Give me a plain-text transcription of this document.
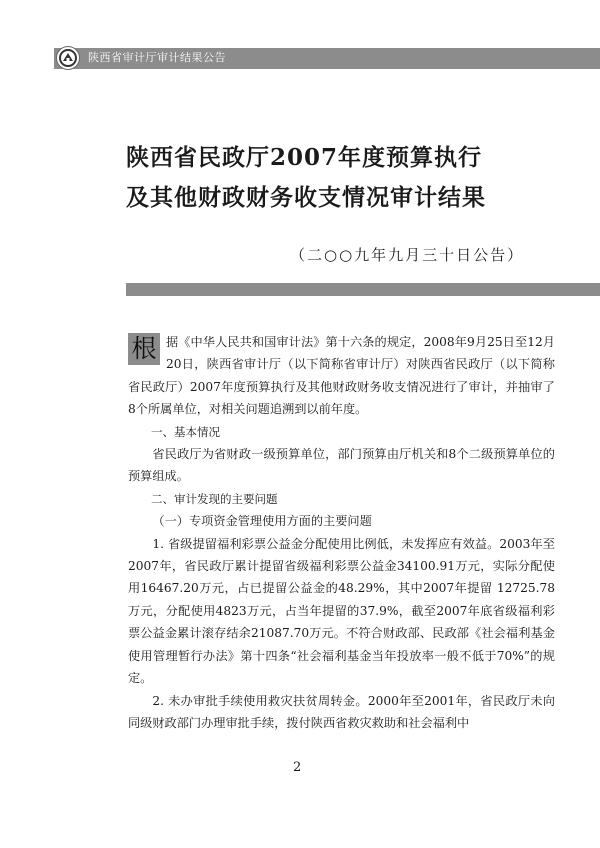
陕西省审计厅审计结果公告
陕西省民政厅2007年度预算执行
及其他财政财务收支情况审计结果
（二○○九年九月三十日公告）

根 据《中华人民共和国审计法》第十六条的规定，2008年9月25日至12月20日，陕西省审计厅（以下简称省审计厅）对陕西省民政厅（以下简称省民政厅）2007年度预算执行及其他财政财务收支情况进行了审计，并抽审了8个所属单位，对相关问题追溯到以前年度。

一、基本情况

省民政厅为省财政一级预算单位，部门预算由厅机关和8个二级预算单位的预算组成。

二、审计发现的主要问题

（一）专项资金管理使用方面的主要问题

1. 省级提留福利彩票公益金分配使用比例低，未发挥应有效益。2003年至2007年，省民政厅累计提留省级福利彩票公益金34100.91万元，实际分配使用16467.20万元，占已提留公益金的48.29%，其中2007年提留 12725.78万元，分配使用4823万元，占当年提留的37.9%，截至2007年底省级福利彩票公益金累计滚存结余21087.70万元。不符合财政部、民政部《社会福利基金使用管理暂行办法》第十四条“社会福利基金当年投放率一般不低于70%”的规定。

2. 未办审批手续使用救灾扶贫周转金。2000年至2001年，省民政厅未向同级财政部门办理审批手续，拨付陕西省救灾救助和社会福利中

2
